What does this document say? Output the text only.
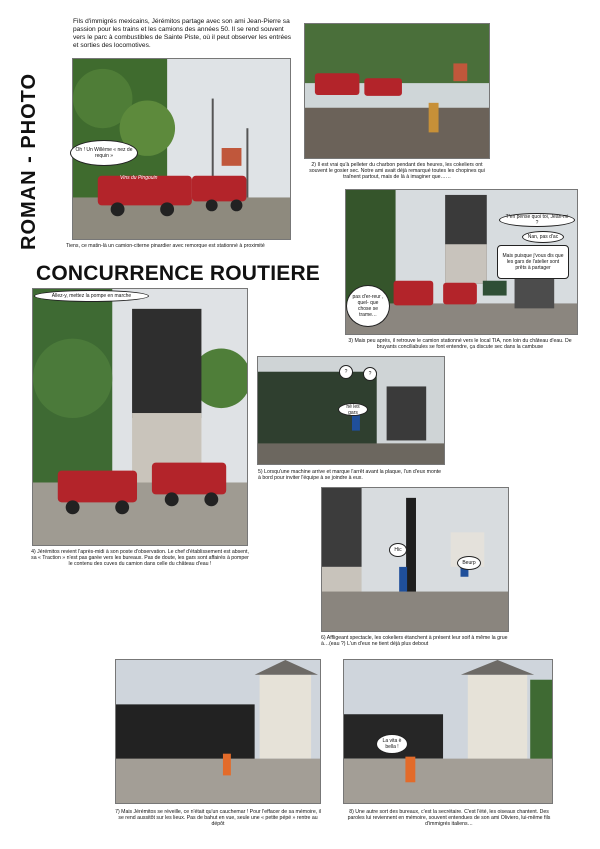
ROMAN - PHOTO
CONCURRENCE ROUTIERE
Fils d'immigrés mexicains, Jérémitos partage avec son ami Jean-Pierre sa passion pour les trains et les camions des années 50. Il se rend souvent vers le parc à combustibles de Sainte Piste, où il peut observer les entrées et sorties des locomotives.
Vins du Pingouin
Oh ! Un Willème « nez de requin »
Tiens, ce matin-là un camion-citerne pinardier avec remorque est stationné à proximité
2) Il est vrai qu'à pelleter du charbon pendant des heures, les cokeliers ont souvent le gosier sec. Notre ami avait déjà remarqué toutes les chopines qui traînent partout, mais de là à imaginer que……
T'en pense quoi toi, Jean-mi ?
Nan, pas d'ac
Mais puisque j'vous dis que les gars de l'atelier sont prêts à partager
pas d'er-reur , quel- que chose se trame…
3) Mais peu après, il retrouve le camion stationné vers le local TIA, non loin du château d'eau. De bruyants conciliabules se font entendre, ça discute sec dans la cambuse
Allez-y, mettez la pompe en marche
4) Jérémitos revient l'après-midi à son poste d'observation. Le chef d'établissement est absent, sa « Traction » n'est pas garée vers les bureaux. Pas de doute, les gars sont affairés à pomper le contenu des cuves du camion dans celle du château d'eau !
?	?
hé les gars
5) Lorsqu'une machine arrive et marque l'arrêt avant la plaque, l'un d'eux monte à bord pour inviter l'équipe à se joindre à eux.
Hic
Beurp
6) Affligeant spectacle, les cokeliers étanchent à présent leur soif à même la grue à…(eau ?) L'un d'eux ne tient déjà plus debout
7) Mais Jérémitos se réveille, ce n'était qu'un cauchemar ! Pour l'effacer de sa mémoire, il se rend aussitôt sur les lieux. Pas de bahut en vue, seule une « petite pépé » rentre au dépôt
La vita è bella !
8) Une autre sort des bureaux, c'est la secrétaire. C'est l'été, les oiseaux chantent. Des paroles lui reviennent en mémoire, souvent entendues de son ami Oliviero, lui-même fils d'immigrés italiens…
